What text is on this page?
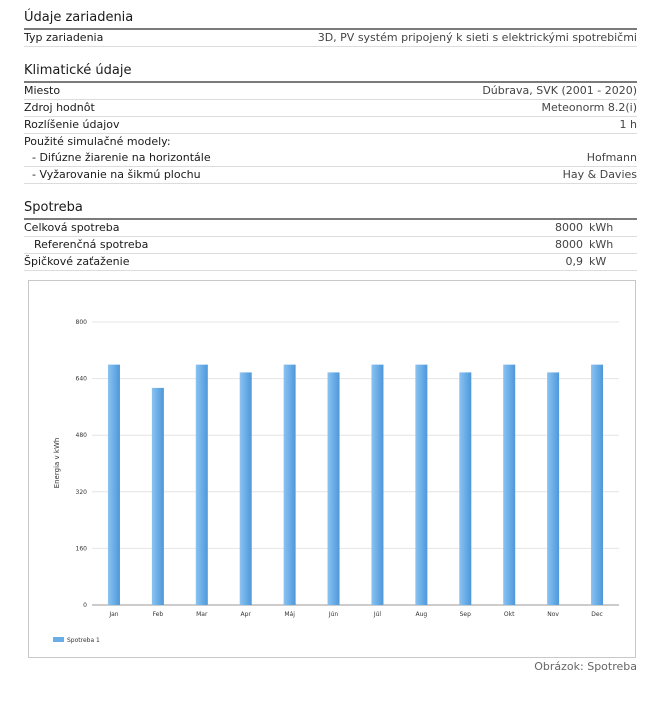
Údaje zariadenia
Typ zariadenia	3D, PV systém pripojený k sieti s elektrickými spotrebičmi
Klimatické údaje
Miesto	Dúbrava, SVK (2001 - 2020)
Zdroj hodnôt	Meteonorm 8.2(i)
Rozlíšenie údajov	1 h
Použité simulačné modely:
- Difúzne žiarenie na horizontále	Hofmann
- Vyžarovanie na šikmú plochu	Hay & Davies
Spotreba
Celková spotreba	8000 kWh
Referenčná spotreba	8000 kWh
Špičkové zaťaženie	0,9 kW
Jan	Feb	Mar	Apr	Máj	Jún	Júl	Aug	Sep	Okt	Nov	Dec
0
160
320
480
640
800
Energia v kWh
Spotreba 1
Obrázok: Spotreba
